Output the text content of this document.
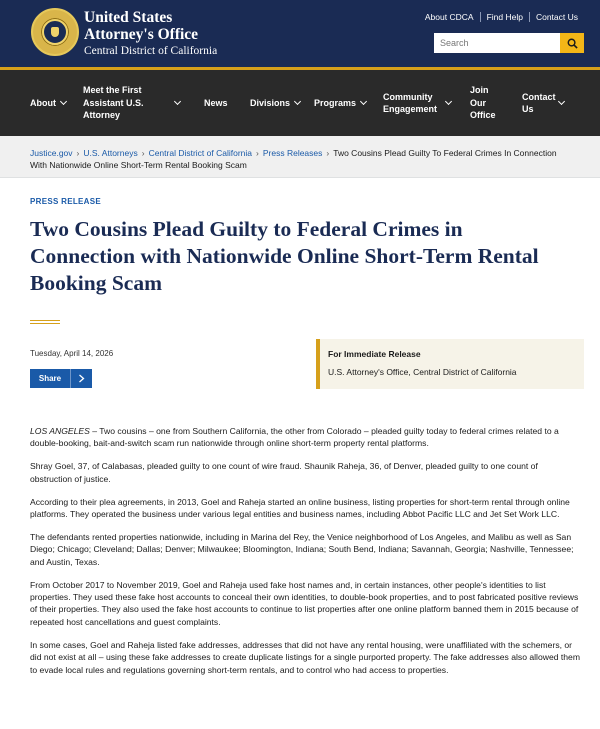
United States
Attorney's Office
Central District of California
About CDCA	Find Help	Contact Us
Search
About
Meet the First Assistant U.S. Attorney
News Divisions	Programs
Community Engagement
Join Our Office
Contact Us
Justice.gov › U.S. Attorneys › Central District of California › Press Releases › Two Cousins Plead Guilty To Federal Crimes In Connection With Nationwide Online Short-Term Rental Booking Scam
PRESS RELEASE
Two Cousins Plead Guilty to Federal Crimes in Connection with Nationwide Online Short-Term Rental Booking Scam
Tuesday, April 14, 2026
Share
For Immediate Release
U.S. Attorney's Office, Central District of California

LOS ANGELES – Two cousins – one from Southern California, the other from Colorado – pleaded guilty today to federal crimes related to a double-booking, bait-and-switch scam run nationwide through online short-term property rental platforms.

Shray Goel, 37, of Calabasas, pleaded guilty to one count of wire fraud. Shaunik Raheja, 36, of Denver, pleaded guilty to one count of obstruction of justice.

According to their plea agreements, in 2013, Goel and Raheja started an online business, listing properties for short-term rental through online platforms. They operated the business under various legal entities and business names, including Abbot Pacific LLC and Jet Set Work LLC.

The defendants rented properties nationwide, including in Marina del Rey, the Venice neighborhood of Los Angeles, and Malibu as well as San Diego; Chicago; Cleveland; Dallas; Denver; Milwaukee; Bloomington, Indiana; South Bend, Indiana; Savannah, Georgia; Nashville, Tennessee; and Austin, Texas.

From October 2017 to November 2019, Goel and Raheja used fake host names and, in certain instances, other people's identities to list properties. They used these fake host accounts to conceal their own identities, to double-book properties, and to post fabricated positive reviews of their properties. They also used the fake host accounts to continue to list properties after one online platform banned them in 2015 because of repeated host cancellations and guest complaints.

In some cases, Goel and Raheja listed fake addresses, addresses that did not have any rental housing, were unaffiliated with the schemers, or did not exist at all – using these fake addresses to create duplicate listings for a single purported property. The fake addresses also allowed them to evade local rules and regulations governing short-term rentals, and to control who had access to properties.
